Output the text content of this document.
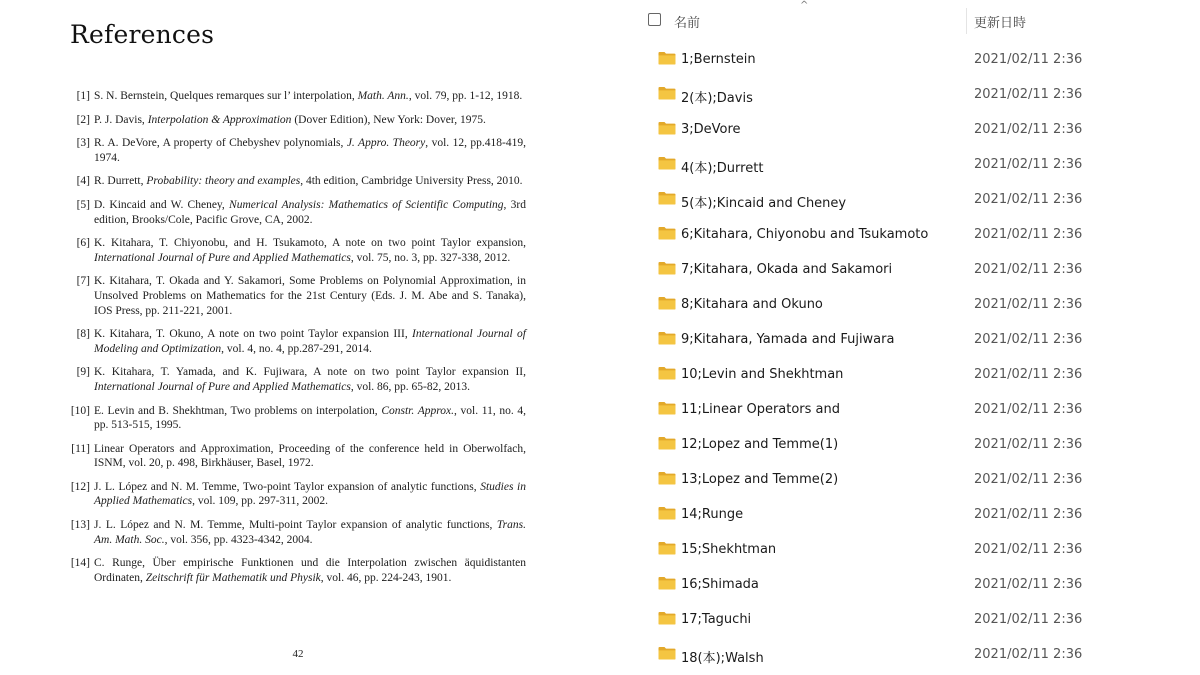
References
[1] S. N. Bernstein, Quelques remarques sur l’ interpolation, Math. Ann., vol. 79, pp. 1-12, 1918.
[2] P. J. Davis, Interpolation & Approximation (Dover Edition), New York: Dover, 1975.
[3] R. A. DeVore, A property of Chebyshev polynomials, J. Appro. Theory, vol. 12, pp.418-419, 1974.
[4] R. Durrett, Probability: theory and examples, 4th edition, Cambridge University Press, 2010.
[5] D. Kincaid and W. Cheney, Numerical Analysis: Mathematics of Scientific Computing, 3rd edition, Brooks/Cole, Pacific Grove, CA, 2002.
[6] K. Kitahara, T. Chiyonobu, and H. Tsukamoto, A note on two point Taylor expansion, International Journal of Pure and Applied Mathematics, vol. 75, no. 3, pp. 327-338, 2012.
[7] K. Kitahara, T. Okada and Y. Sakamori, Some Problems on Polynomial Approximation, in Unsolved Problems on Mathematics for the 21st Century (Eds. J. M. Abe and S. Tanaka), IOS Press, pp. 211-221, 2001.
[8] K. Kitahara, T. Okuno, A note on two point Taylor expansion III, International Journal of Modeling and Optimization, vol. 4, no. 4, pp.287-291, 2014.
[9] K. Kitahara, T. Yamada, and K. Fujiwara, A note on two point Taylor expansion II, International Journal of Pure and Applied Mathematics, vol. 86, pp. 65-82, 2013.
[10] E. Levin and B. Shekhtman, Two problems on interpolation, Constr. Approx., vol. 11, no. 4, pp. 513-515, 1995.
[11] Linear Operators and Approximation, Proceeding of the conference held in Oberwolfach, ISNM, vol. 20, p. 498, Birkhäuser, Basel, 1972.
[12] J. L. López and N. M. Temme, Two-point Taylor expansion of analytic functions, Studies in Applied Mathematics, vol. 109, pp. 297-311, 2002.
[13] J. L. López and N. M. Temme, Multi-point Taylor expansion of analytic functions, Trans. Am. Math. Soc., vol. 356, pp. 4323-4342, 2004.
[14] C. Runge, Über empirische Funktionen und die Interpolation zwischen äquidistanten Ordinaten, Zeitschrift für Mathematik und Physik, vol. 46, pp. 224-243, 1901.
42
名前
^
更新日時
1;Bernstein	2021/02/11 2:36
2(本);Davis	2021/02/11 2:36
3;DeVore	2021/02/11 2:36
4(本);Durrett	2021/02/11 2:36
5(本);Kincaid and Cheney	2021/02/11 2:36
6;Kitahara, Chiyonobu and Tsukamoto	2021/02/11 2:36
7;Kitahara, Okada and Sakamori	2021/02/11 2:36
8;Kitahara and Okuno	2021/02/11 2:36
9;Kitahara, Yamada and Fujiwara	2021/02/11 2:36
10;Levin and Shekhtman	2021/02/11 2:36
11;Linear Operators and	2021/02/11 2:36
12;Lopez and Temme(1)	2021/02/11 2:36
13;Lopez and Temme(2)	2021/02/11 2:36
14;Runge	2021/02/11 2:36
15;Shekhtman	2021/02/11 2:36
16;Shimada	2021/02/11 2:36
17;Taguchi	2021/02/11 2:36
18(本);Walsh	2021/02/11 2:36
